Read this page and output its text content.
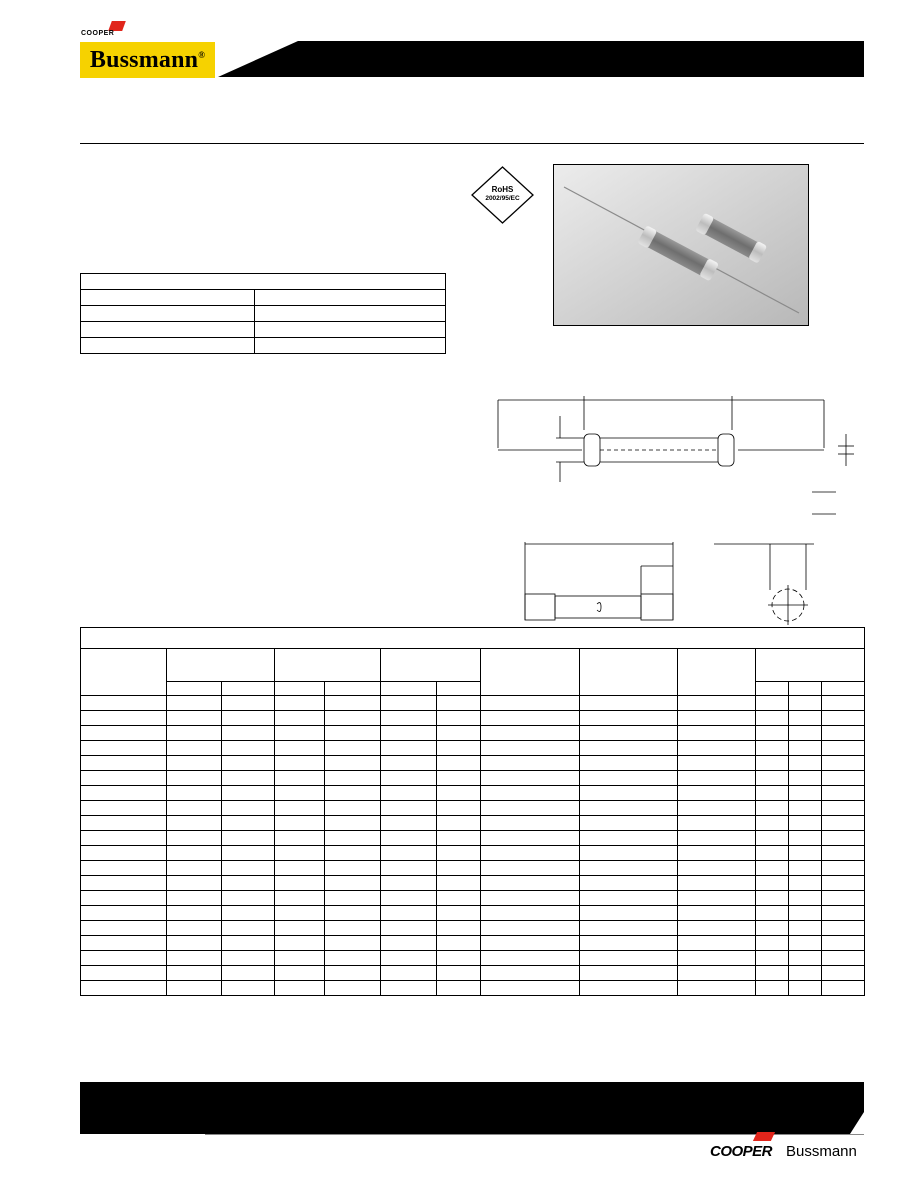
COOPER
Bussmann ®

RoHS
2002/95/EC

COOPER Bussmann
